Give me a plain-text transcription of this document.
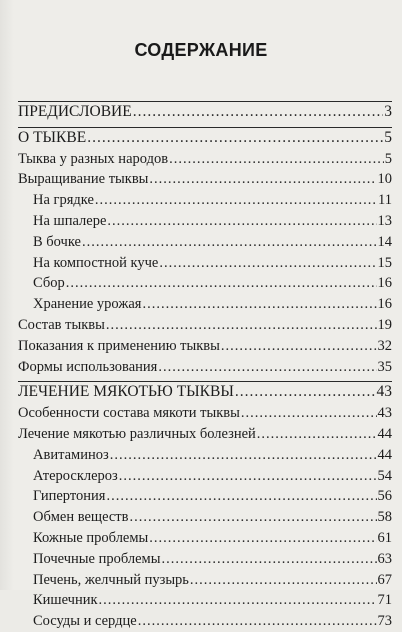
СОДЕРЖАНИЕ
ПРЕДИСЛОВИЕ .....	3
О ТЫКВЕ .....	5
Тыква у разных народов .....	5
Выращивание тыквы .....	10
На грядке .....	11
На шпалере .....	13
В бочке .....	14
На компостной куче .....	15
Сбор .....	16
Хранение урожая .....	16
Состав тыквы .....	19
Показания к применению тыквы .....	32
Формы использования .....	35
ЛЕЧЕНИЕ МЯКОТЬЮ ТЫКВЫ .....	43
Особенности состава мякоти тыквы .....	43
Лечение мякотью различных болезней .....	44
Авитаминоз .....	44
Атеросклероз .....	54
Гипертония .....	56
Обмен веществ .....	58
Кожные проблемы .....	61
Почечные проблемы .....	63
Печень, желчный пузырь .....	67
Кишечник .....	71
Сосуды и сердце .....	73
